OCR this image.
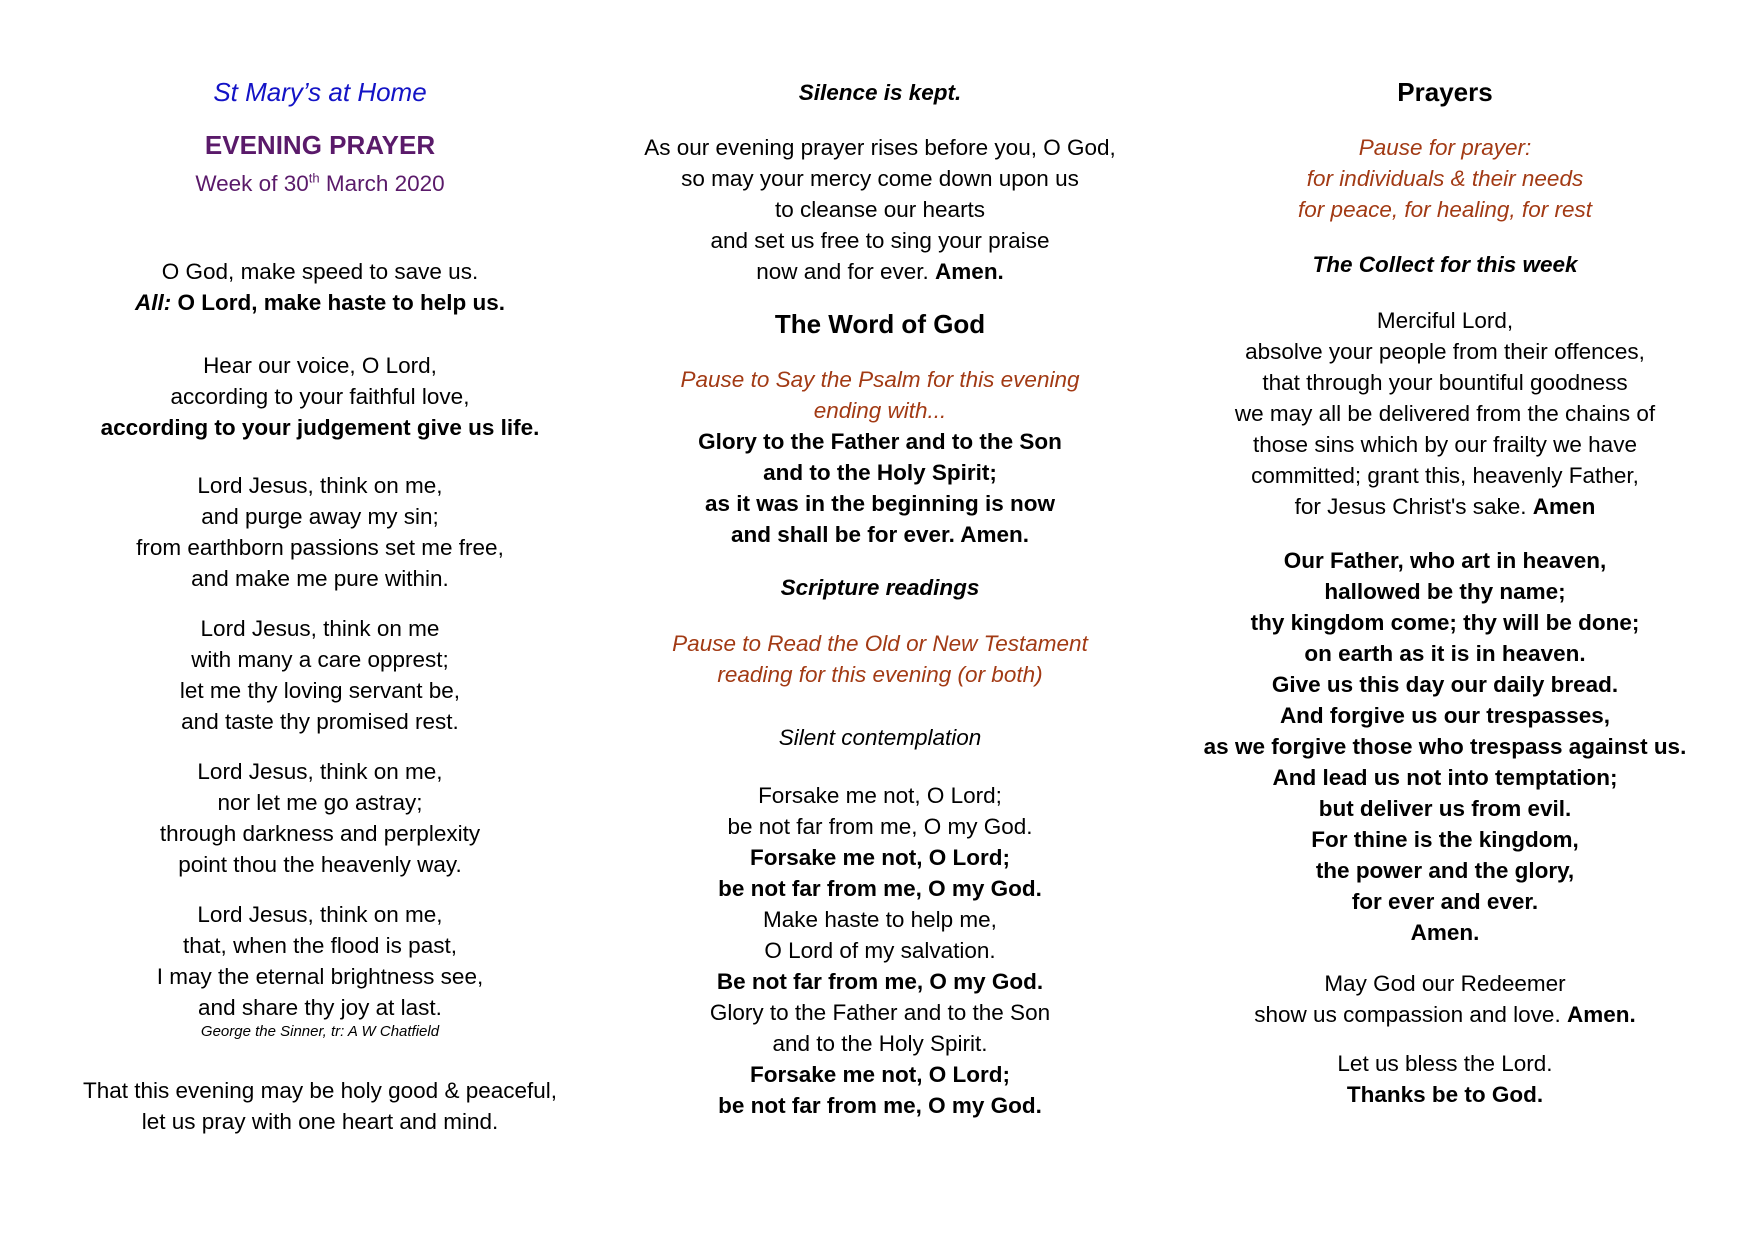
St Mary’s at Home
EVENING PRAYER
Week of 30th March 2020
O God, make speed to save us.
All: O Lord, make haste to help us.
Hear our voice, O Lord,
according to your faithful love,
according to your judgement give us life.
Lord Jesus, think on me,
and purge away my sin;
from earthborn passions set me free,
and make me pure within.
Lord Jesus, think on me
with many a care opprest;
let me thy loving servant be,
and taste thy promised rest.
Lord Jesus, think on me,
nor let me go astray;
through darkness and perplexity
point thou the heavenly way.
Lord Jesus, think on me,
that, when the flood is past,
I may the eternal brightness see,
and share thy joy at last.
George the Sinner, tr: A W Chatfield
That this evening may be holy good & peaceful,
let us pray with one heart and mind.
Silence is kept.
As our evening prayer rises before you, O God,
so may your mercy come down upon us
to cleanse our hearts
and set us free to sing your praise
now and for ever. Amen.
The Word of God
Pause to Say the Psalm for this evening
ending with...
Glory to the Father and to the Son
and to the Holy Spirit;
as it was in the beginning is now
and shall be for ever. Amen.
Scripture readings
Pause to Read the Old or New Testament
reading for this evening (or both)
Silent contemplation
Forsake me not, O Lord;
be not far from me, O my God.
Forsake me not, O Lord;
be not far from me, O my God.
Make haste to help me,
O Lord of my salvation.
Be not far from me, O my God.
Glory to the Father and to the Son
and to the Holy Spirit.
Forsake me not, O Lord;
be not far from me, O my God.
Prayers
Pause for prayer:
for individuals & their needs
for peace, for healing, for rest
The Collect for this week
Merciful Lord,
absolve your people from their offences,
that through your bountiful goodness
we may all be delivered from the chains of
those sins which by our frailty we have
committed; grant this, heavenly Father,
for Jesus Christ's sake. Amen
Our Father, who art in heaven,
hallowed be thy name;
thy kingdom come; thy will be done;
on earth as it is in heaven.
Give us this day our daily bread.
And forgive us our trespasses,
as we forgive those who trespass against us.
And lead us not into temptation;
but deliver us from evil.
For thine is the kingdom,
the power and the glory,
for ever and ever.
Amen.
May God our Redeemer
show us compassion and love. Amen.
Let us bless the Lord.
Thanks be to God.
